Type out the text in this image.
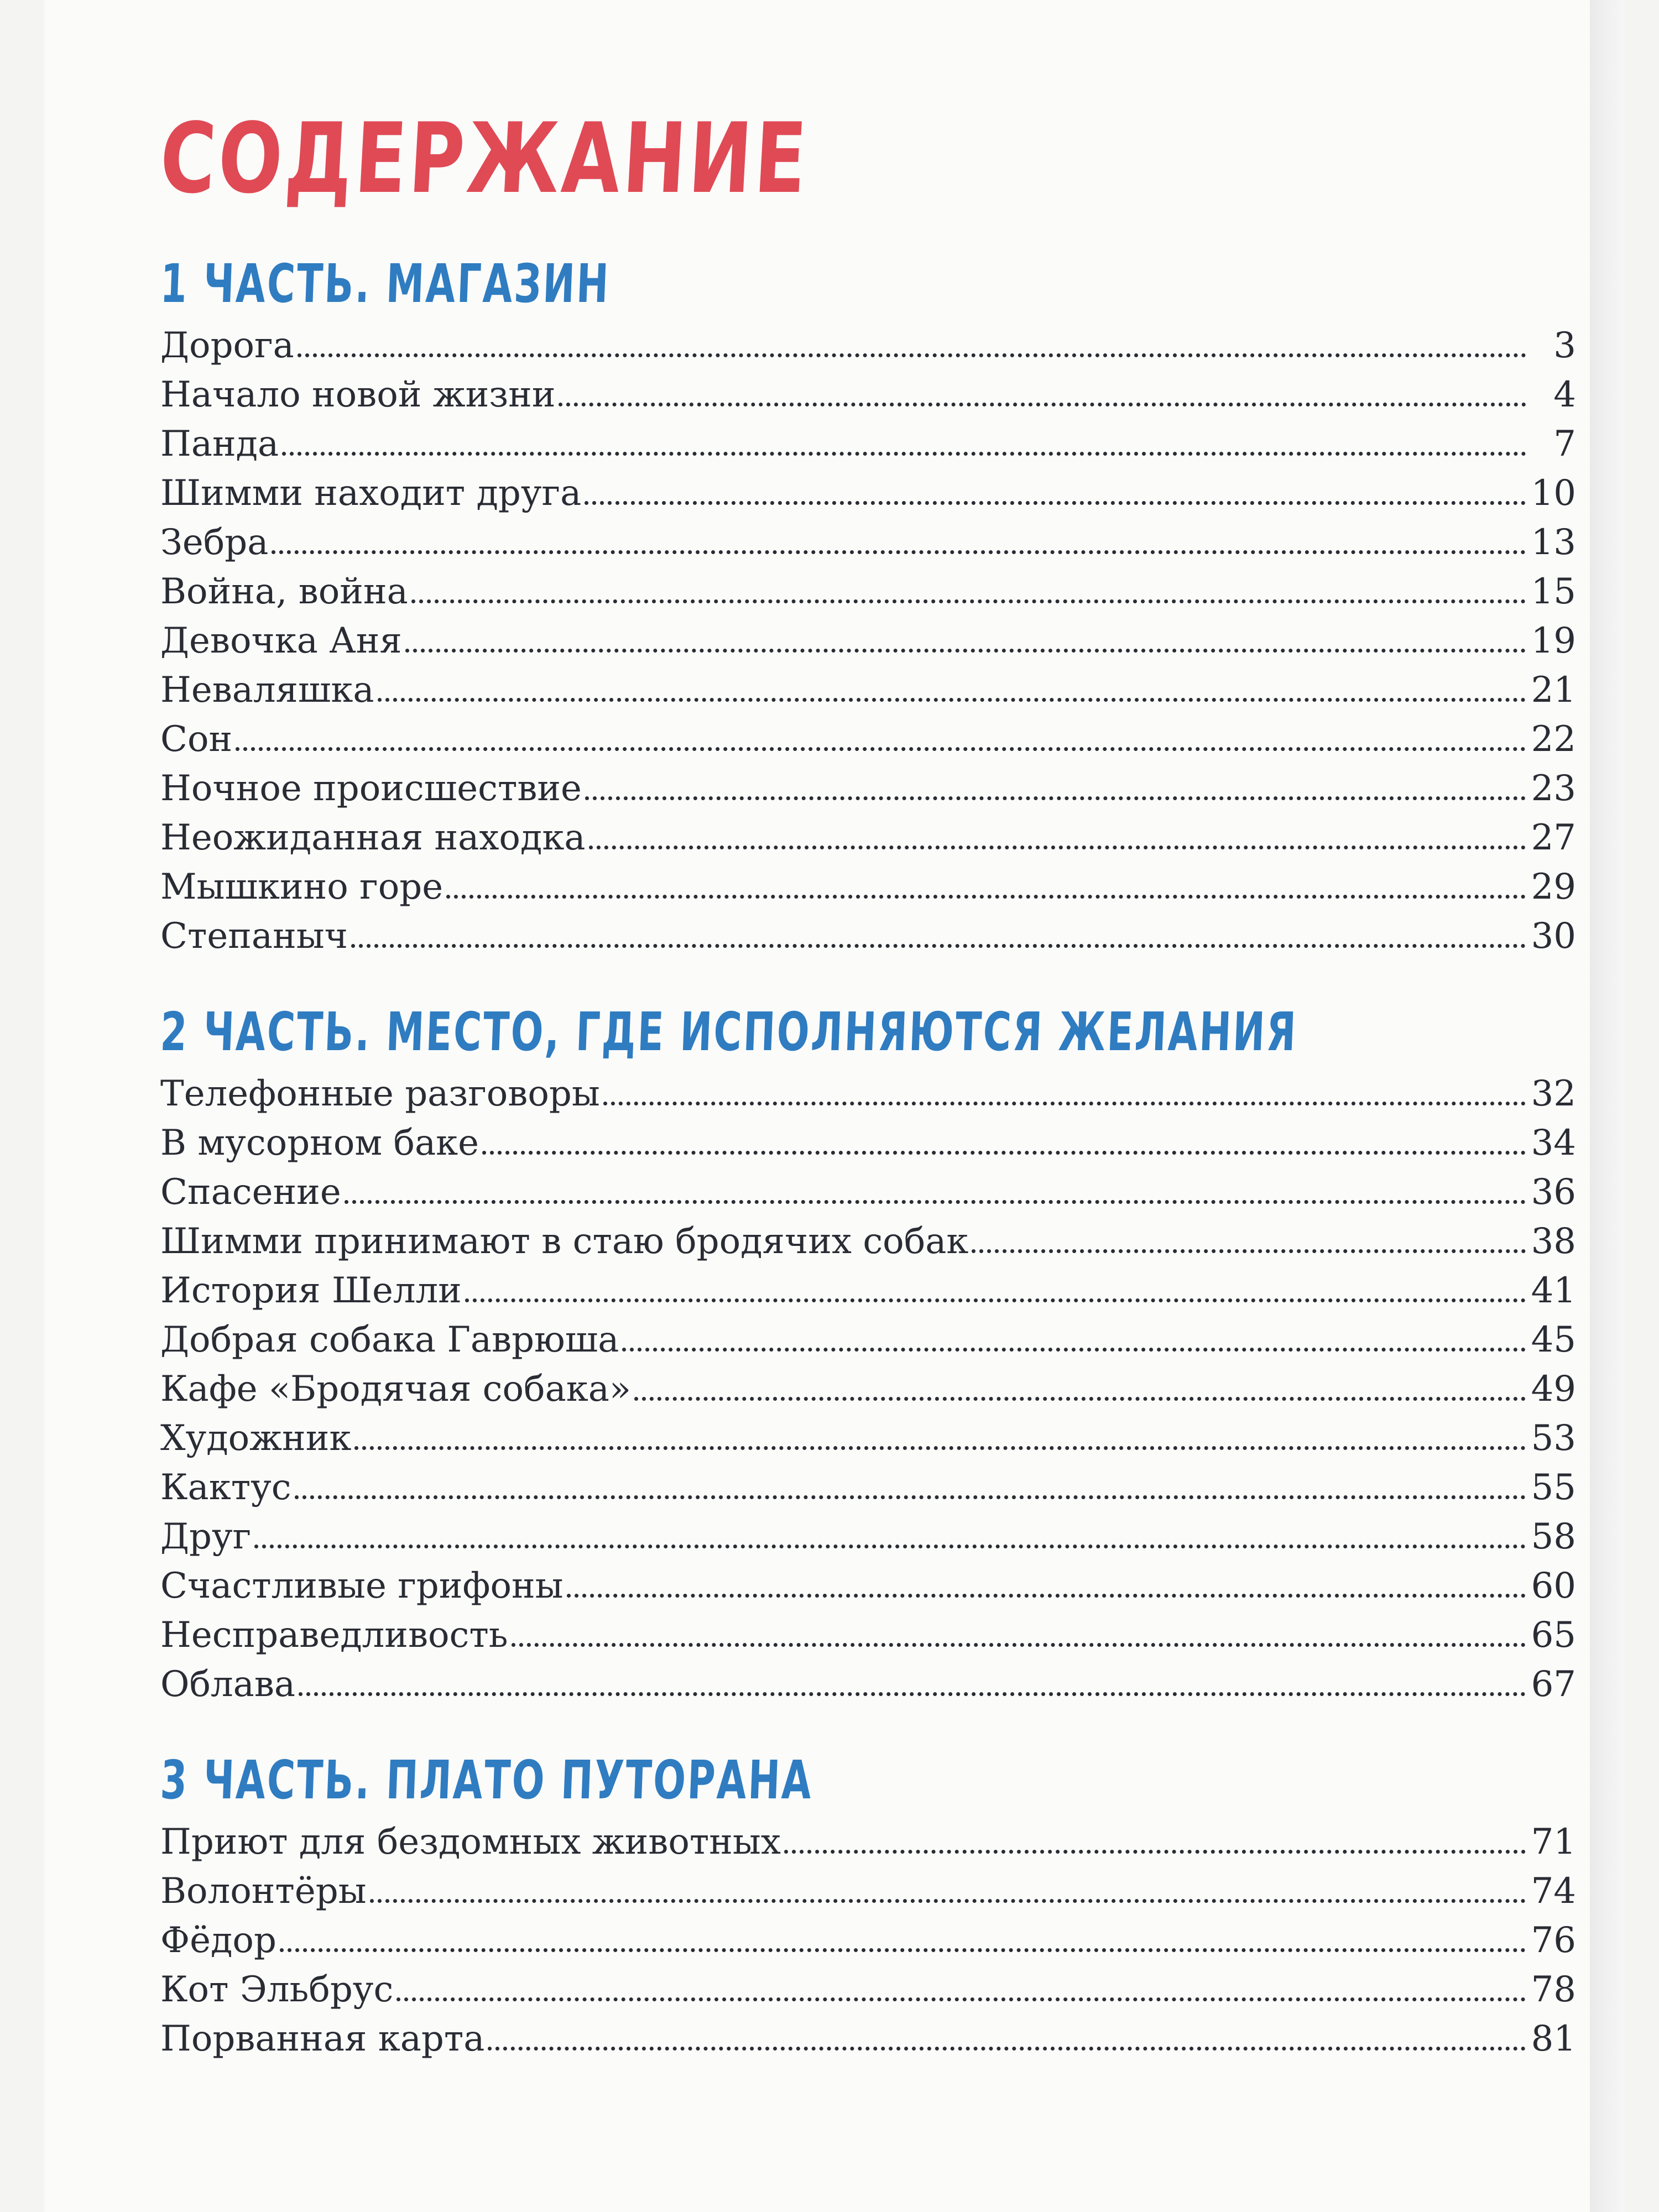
СОДЕРЖАНИЕ
1 ЧАСТЬ. МАГАЗИН
Дорога	3
Начало новой жизни	4
Панда	7
Шимми находит друга	10
Зебра	13
Война, война	15
Девочка Аня	19
Неваляшка	21
Сон	22
Ночное происшествие	23
Неожиданная находка	27
Мышкино горе	29
Степаныч	30
2 ЧАСТЬ. МЕСТО, ГДЕ ИСПОЛНЯЮТСЯ ЖЕЛАНИЯ
Телефонные разговоры	32
В мусорном баке	34
Спасение	36
Шимми принимают в стаю бродячих собак	38
История Шелли	41
Добрая собака Гаврюша	45
Кафе «Бродячая собака»	49
Художник	53
Кактус	55
Друг	58
Счастливые грифоны	60
Несправедливость	65
Облава	67
3 ЧАСТЬ. ПЛАТО ПУТОРАНА
Приют для бездомных животных	71
Волонтёры	74
Фёдор	76
Кот Эльбрус	78
Порванная карта	81
